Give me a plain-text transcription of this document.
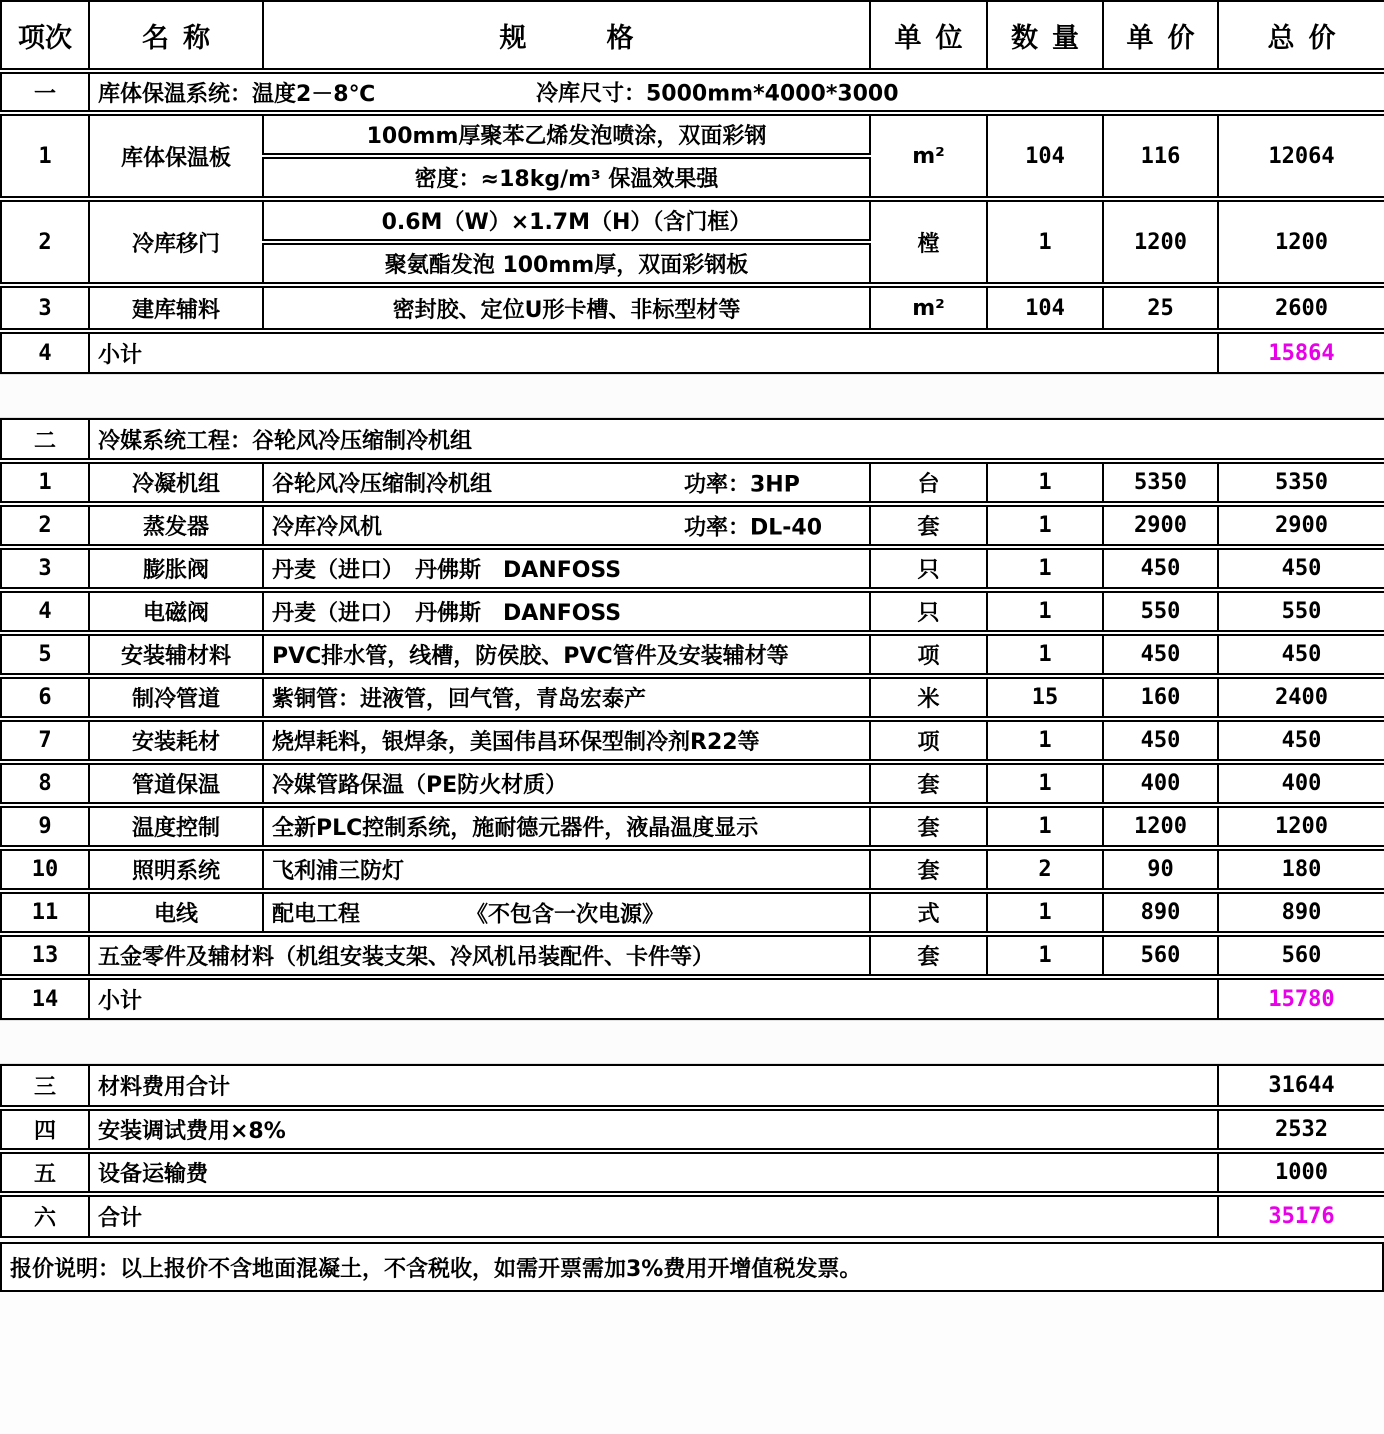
项次	名称	规格	单位	数量	单价	总价
一	库体保温系统：温度2－8℃ 冷库尺寸：5000mm*4000*3000					

1	库体保温板	100mm厚聚苯乙烯发泡喷涂，双面彩钢	m²	104	116	12064
		密度：≈18kg/m³ 保温效果强				
2	冷库移门	0.6M（W）×1.7M（H）（含门框）	樘	1	1200	1200
		聚氨酯发泡 100mm厚，双面彩钢板				
3	建库辅料	密封胶、定位U形卡槽、非标型材等	m²	104	25	2600
4	小计					15864
二	冷媒系统工程：谷轮风冷压缩制冷机组					
1	冷凝机组	谷轮风冷压缩制冷机组 功率：3HP	台	1	5350	5350
2	蒸发器	冷库冷风机 功率：DL-40	套	1	2900	2900
3	膨胀阀	丹麦（进口）　丹佛斯　DANFOSS	只	1	450	450
4	电磁阀	丹麦（进口）　丹佛斯　DANFOSS	只	1	550	550
5	安装辅材料	PVC排水管，线槽，防侯胶、PVC管件及安装辅材等	项	1	450	450
6	制冷管道	紫铜管：进液管，回气管，青岛宏泰产	米	15	160	2400
7	安装耗材	烧焊耗料，银焊条，美国伟昌环保型制冷剂R22等	项	1	450	450
8	管道保温	冷媒管路保温（PE防火材质）	套	1	400	400
9	温度控制	全新PLC控制系统，施耐德元器件，液晶温度显示	套	1	1200	1200
10	照明系统	飞利浦三防灯	套	2	90	180
11	电线	配电工程 《不包含一次电源》	式	1	890	890
13	五金零件及辅材料（机组安装支架、冷风机吊装配件、卡件等）		套	1	560	560
14	小计					15780
三	材料费用合计	31644
四	安装调试费用×8%	2532
五	设备运输费	1000
六	合计	35176
报价说明：以上报价不含地面混凝土，不含税收，如需开票需加3%费用开增值税发票。
